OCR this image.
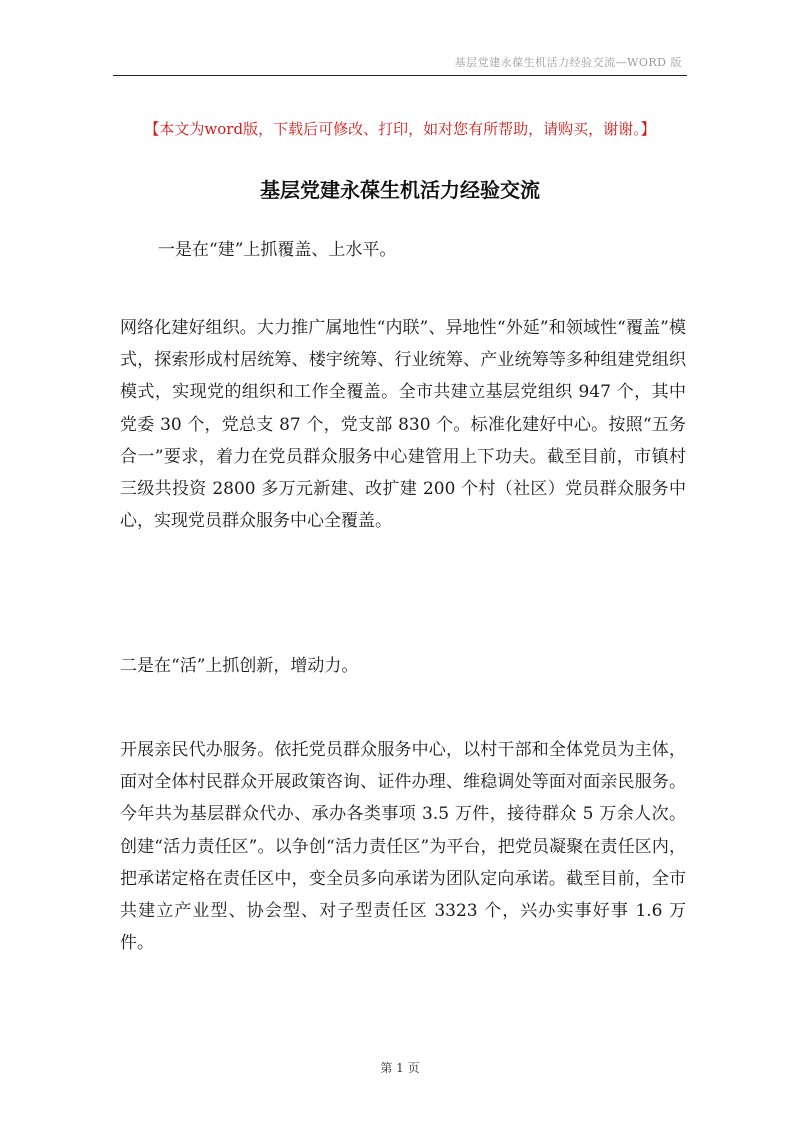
基层党建永葆生机活力经验交流—WORD 版
【本文为word版，下载后可修改、打印，如对您有所帮助，请购买，谢谢。】
基层党建永葆生机活力经验交流

一是在“建”上抓覆盖、上水平。

网络化建好组织。大力推广属地性“内联”、异地性“外延”和领域性“覆盖”模式，探索形成村居统筹、楼宇统筹、行业统筹、产业统筹等多种组建党组织模式，实现党的组织和工作全覆盖。全市共建立基层党组织 947 个，其中党委 30 个，党总支 87 个，党支部 830 个。标准化建好中心。按照“五务合一”要求，着力在党员群众服务中心建管用上下功夫。截至目前，市镇村三级共投资 2800 多万元新建、改扩建 200 个村（社区）党员群众服务中心，实现党员群众服务中心全覆盖。

二是在“活”上抓创新，增动力。

开展亲民代办服务。依托党员群众服务中心，以村干部和全体党员为主体，面对全体村民群众开展政策咨询、证件办理、维稳调处等面对面亲民服务。今年共为基层群众代办、承办各类事项 3.5 万件，接待群众 5 万余人次。创建“活力责任区”。以争创“活力责任区”为平台，把党员凝聚在责任区内，把承诺定格在责任区中，变全员多向承诺为团队定向承诺。截至目前，全市共建立产业型、协会型、对子型责任区 3323 个，兴办实事好事 1.6 万件。

第 1 页
